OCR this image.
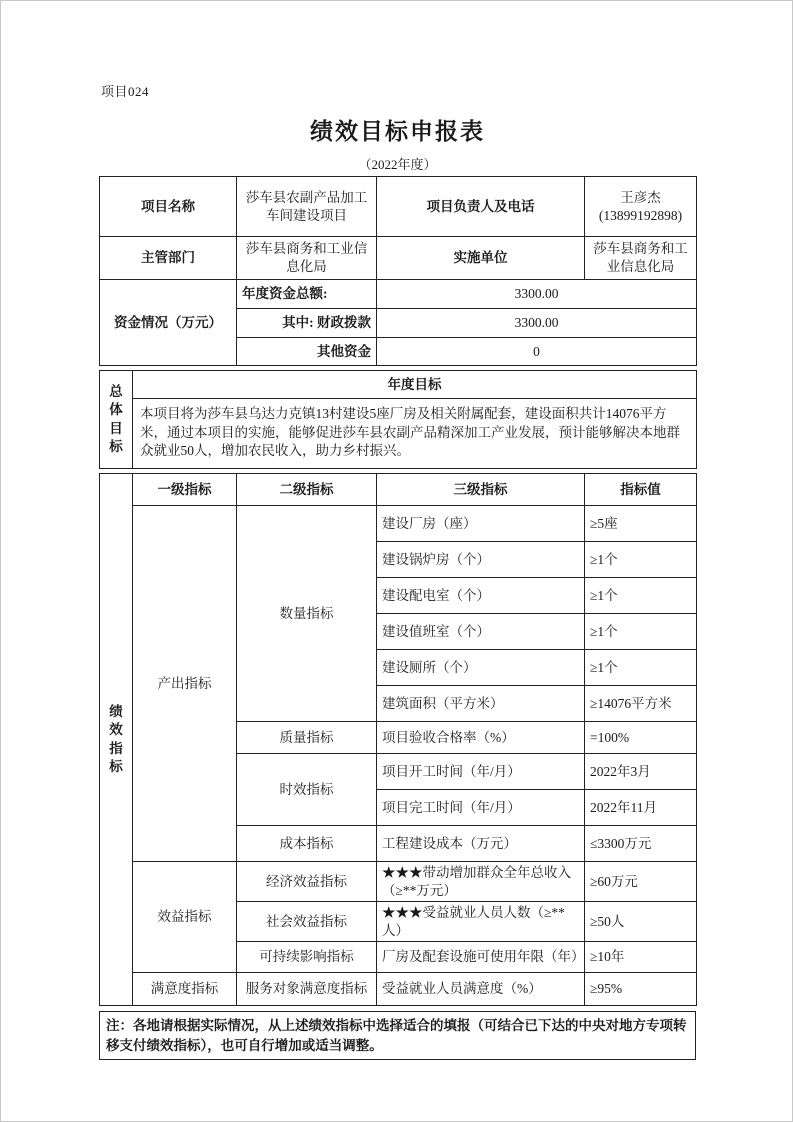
项目024
绩效目标申报表
（2022年度）
项目名称	莎车县农副产品加工车间建设项目	项目负责人及电话	王彦杰
(13899192898)

主管部门	莎车县商务和工业信息化局	实施单位	莎车县商务和工业信息化局
资金情况（万元）	年度资金总额:	3300.00	
	其中: 财政拨款	3300.00	
	其他资金	0	
总体目标	年度目标
本项目将为莎车县乌达力克镇13村建设5座厂房及相关附属配套，建设面积共计14076平方米，通过本项目的实施，能够促进莎车县农副产品精深加工产业发展，预计能够解决本地群众就业50人，增加农民收入，助力乡村振兴。
绩效指标	一级指标	二级指标	三级指标	指标值
	产出指标	数量指标	建设厂房（座）	≥5座
			建设锅炉房（个）	≥1个
			建设配电室（个）	≥1个
			建设值班室（个）	≥1个
			建设厕所（个）	≥1个
			建筑面积（平方米）	≥14076平方米
		质量指标	项目验收合格率（%）	=100%
		时效指标	项目开工时间（年/月）	2022年3月
			项目完工时间（年/月）	2022年11月
		成本指标	工程建设成本（万元）	≤3300万元
	效益指标	经济效益指标	★★★带动增加群众全年总收入（≥**万元）	≥60万元
		社会效益指标	★★★受益就业人员人数（≥**人）	≥50人
		可持续影响指标	厂房及配套设施可使用年限（年）	≥10年
	满意度指标	服务对象满意度指标	受益就业人员满意度（%）	≥95%
注：各地请根据实际情况，从上述绩效指标中选择适合的填报（可结合已下达的中央对地方专项转移支付绩效指标），也可自行增加或适当调整。
